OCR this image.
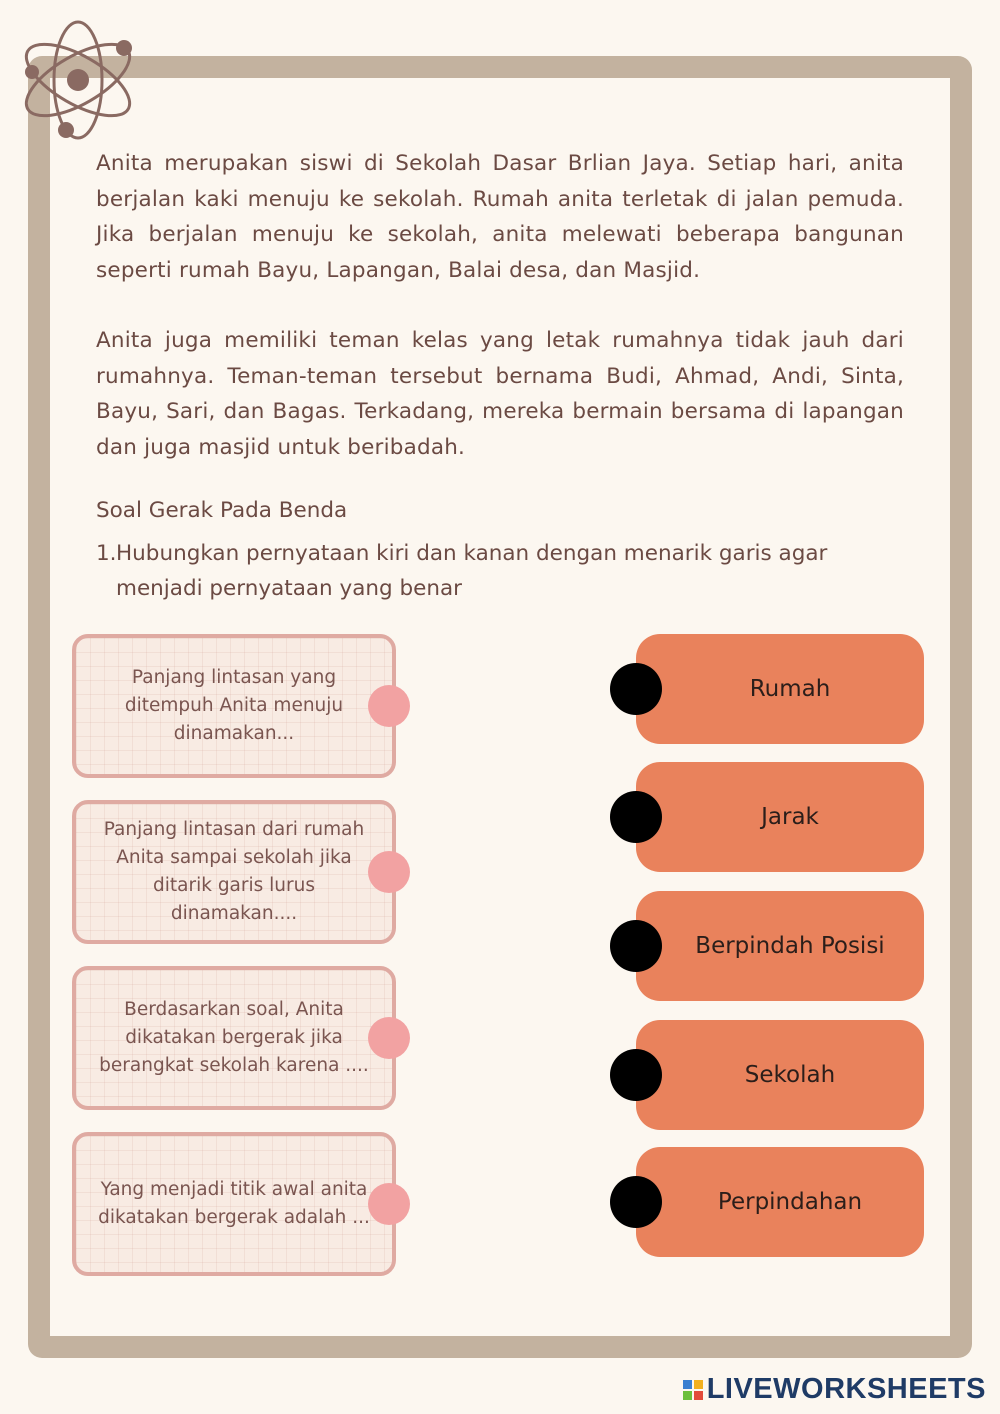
Anita merupakan siswi di Sekolah Dasar Brlian Jaya. Setiap hari, anita berjalan kaki menuju ke sekolah. Rumah anita terletak di jalan pemuda. Jika berjalan menuju ke sekolah, anita melewati beberapa bangunan seperti rumah Bayu, Lapangan, Balai desa, dan Masjid.

Anita juga memiliki teman kelas yang letak rumahnya tidak jauh dari rumahnya. Teman-teman tersebut bernama Budi, Ahmad, Andi, Sinta, Bayu, Sari, dan Bagas. Terkadang, mereka bermain bersama di lapangan dan juga masjid untuk beribadah.

Soal Gerak Pada Benda

1. Hubungkan pernyataan kiri dan kanan dengan menarik garis agar menjadi pernyataan yang benar

Panjang lintasan yang ditempuh Anita menuju dinamakan...
Panjang lintasan dari rumah Anita sampai sekolah jika ditarik garis lurus dinamakan....
Berdasarkan soal, Anita dikatakan bergerak jika berangkat sekolah karena ....
Yang menjadi titik awal anita dikatakan bergerak adalah ...
Rumah
Jarak
Berpindah Posisi
Sekolah
Perpindahan
LIVEWORKSHEETS
